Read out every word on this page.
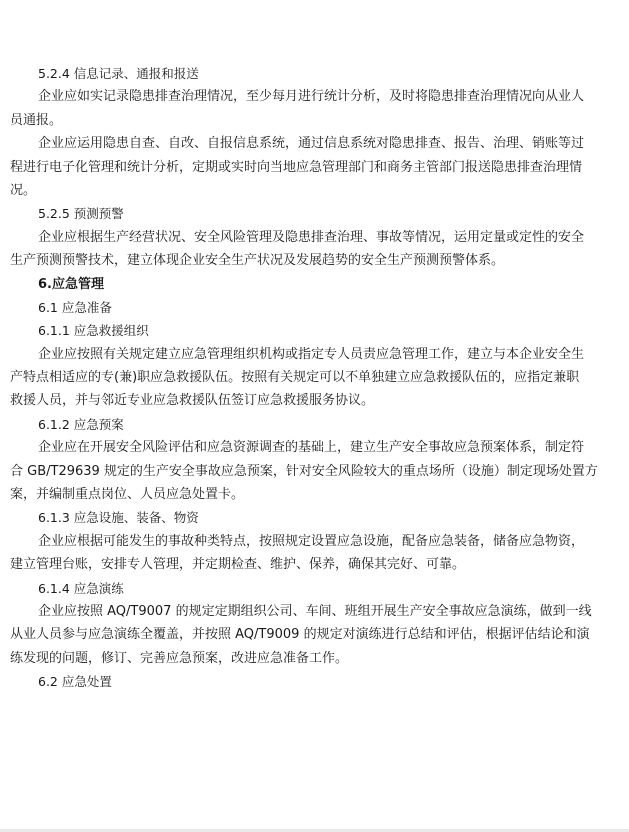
5.2.4 信息记录、通报和报送
企业应如实记录隐患排查治理情况，至少每月进行统计分析，及时将隐患排查治理情况向从业人
员通报。
企业应运用隐患自查、自改、自报信息系统，通过信息系统对隐患排查、报告、治理、销账等过
程进行电子化管理和统计分析，定期或实时向当地应急管理部门和商务主管部门报送隐患排查治理情
况。
5.2.5 预测预警
企业应根据生产经营状况、安全风险管理及隐患排查治理、事故等情况，运用定量或定性的安全
生产预测预警技术，建立体现企业安全生产状况及发展趋势的安全生产预测预警体系。
6.应急管理
6.1 应急准备
6.1.1 应急救援组织
企业应按照有关规定建立应急管理组织机构或指定专人员责应急管理工作，建立与本企业安全生
产特点相适应的专(兼)职应急救援队伍。按照有关规定可以不单独建立应急救援队伍的，应指定兼职
救援人员，并与邻近专业应急救援队伍签订应急救援服务协议。
6.1.2 应急预案
企业应在开展安全风险评估和应急资源调查的基础上，建立生产安全事故应急预案体系，制定符
合 GB/T29639 规定的生产安全事故应急预案，针对安全风险较大的重点场所（设施）制定现场处置方
案，并编制重点岗位、人员应急处置卡。
6.1.3 应急设施、装备、物资
企业应根据可能发生的事故种类特点，按照规定设置应急设施，配备应急装备，储备应急物资，
建立管理台账，安排专人管理，并定期检查、维护、保养，确保其完好、可靠。
6.1.4 应急演练
企业应按照 AQ/T9007 的规定定期组织公司、车间、班组开展生产安全事故应急演练，做到一线
从业人员参与应急演练全覆盖，并按照 AQ/T9009 的规定对演练进行总结和评估，根据评估结论和演
练发现的问题，修订、完善应急预案，改进应急准备工作。
6.2 应急处置
